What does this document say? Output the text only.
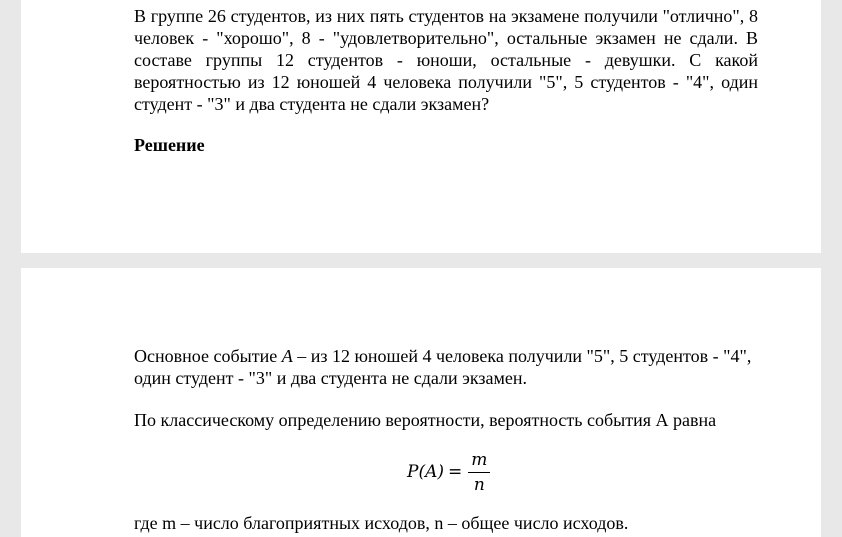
В группе 26 студентов, из них пять студентов на экзамене получили "отлично", 8 человек - "хорошо", 8 - "удовлетворительно", остальные экзамен не сдали. В составе группы 12 студентов - юноши, остальные - девушки. С какой вероятностью из 12 юношей 4 человека получили "5", 5 студентов - "4", один студент - "3" и два студента не сдали экзамен?

Решение

Основное событие A – из 12 юношей 4 человека получили "5", 5 студентов - "4", один студент - "3" и два студента не сдали экзамен.

По классическому определению вероятности, вероятность события А равна

$P(A) = \frac{m}{n}$

где m – число благоприятных исходов, n – общее число исходов.
